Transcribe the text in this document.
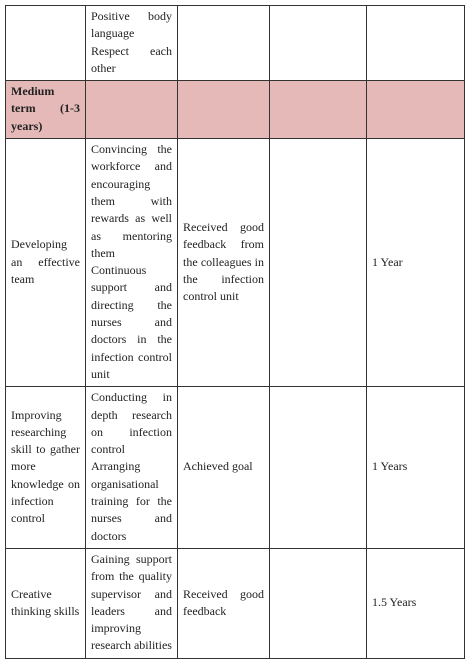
	Positive body language Respect each other			
Medium term (1-3 years)				
Developing an effective team	Convincing the workforce and encouraging them with rewards as well as mentoring them Continuous support and directing the nurses and doctors in the infection control unit	Received good feedback from the colleagues in the infection control unit		1 Year
Improving researching skill to gather more knowledge on infection control	Conducting in depth research on infection control Arranging organisational training for the nurses and doctors	Achieved goal		1 Years
Creative thinking skills	Gaining support from the quality supervisor and leaders and improving research abilities	Received good feedback		1.5 Years
